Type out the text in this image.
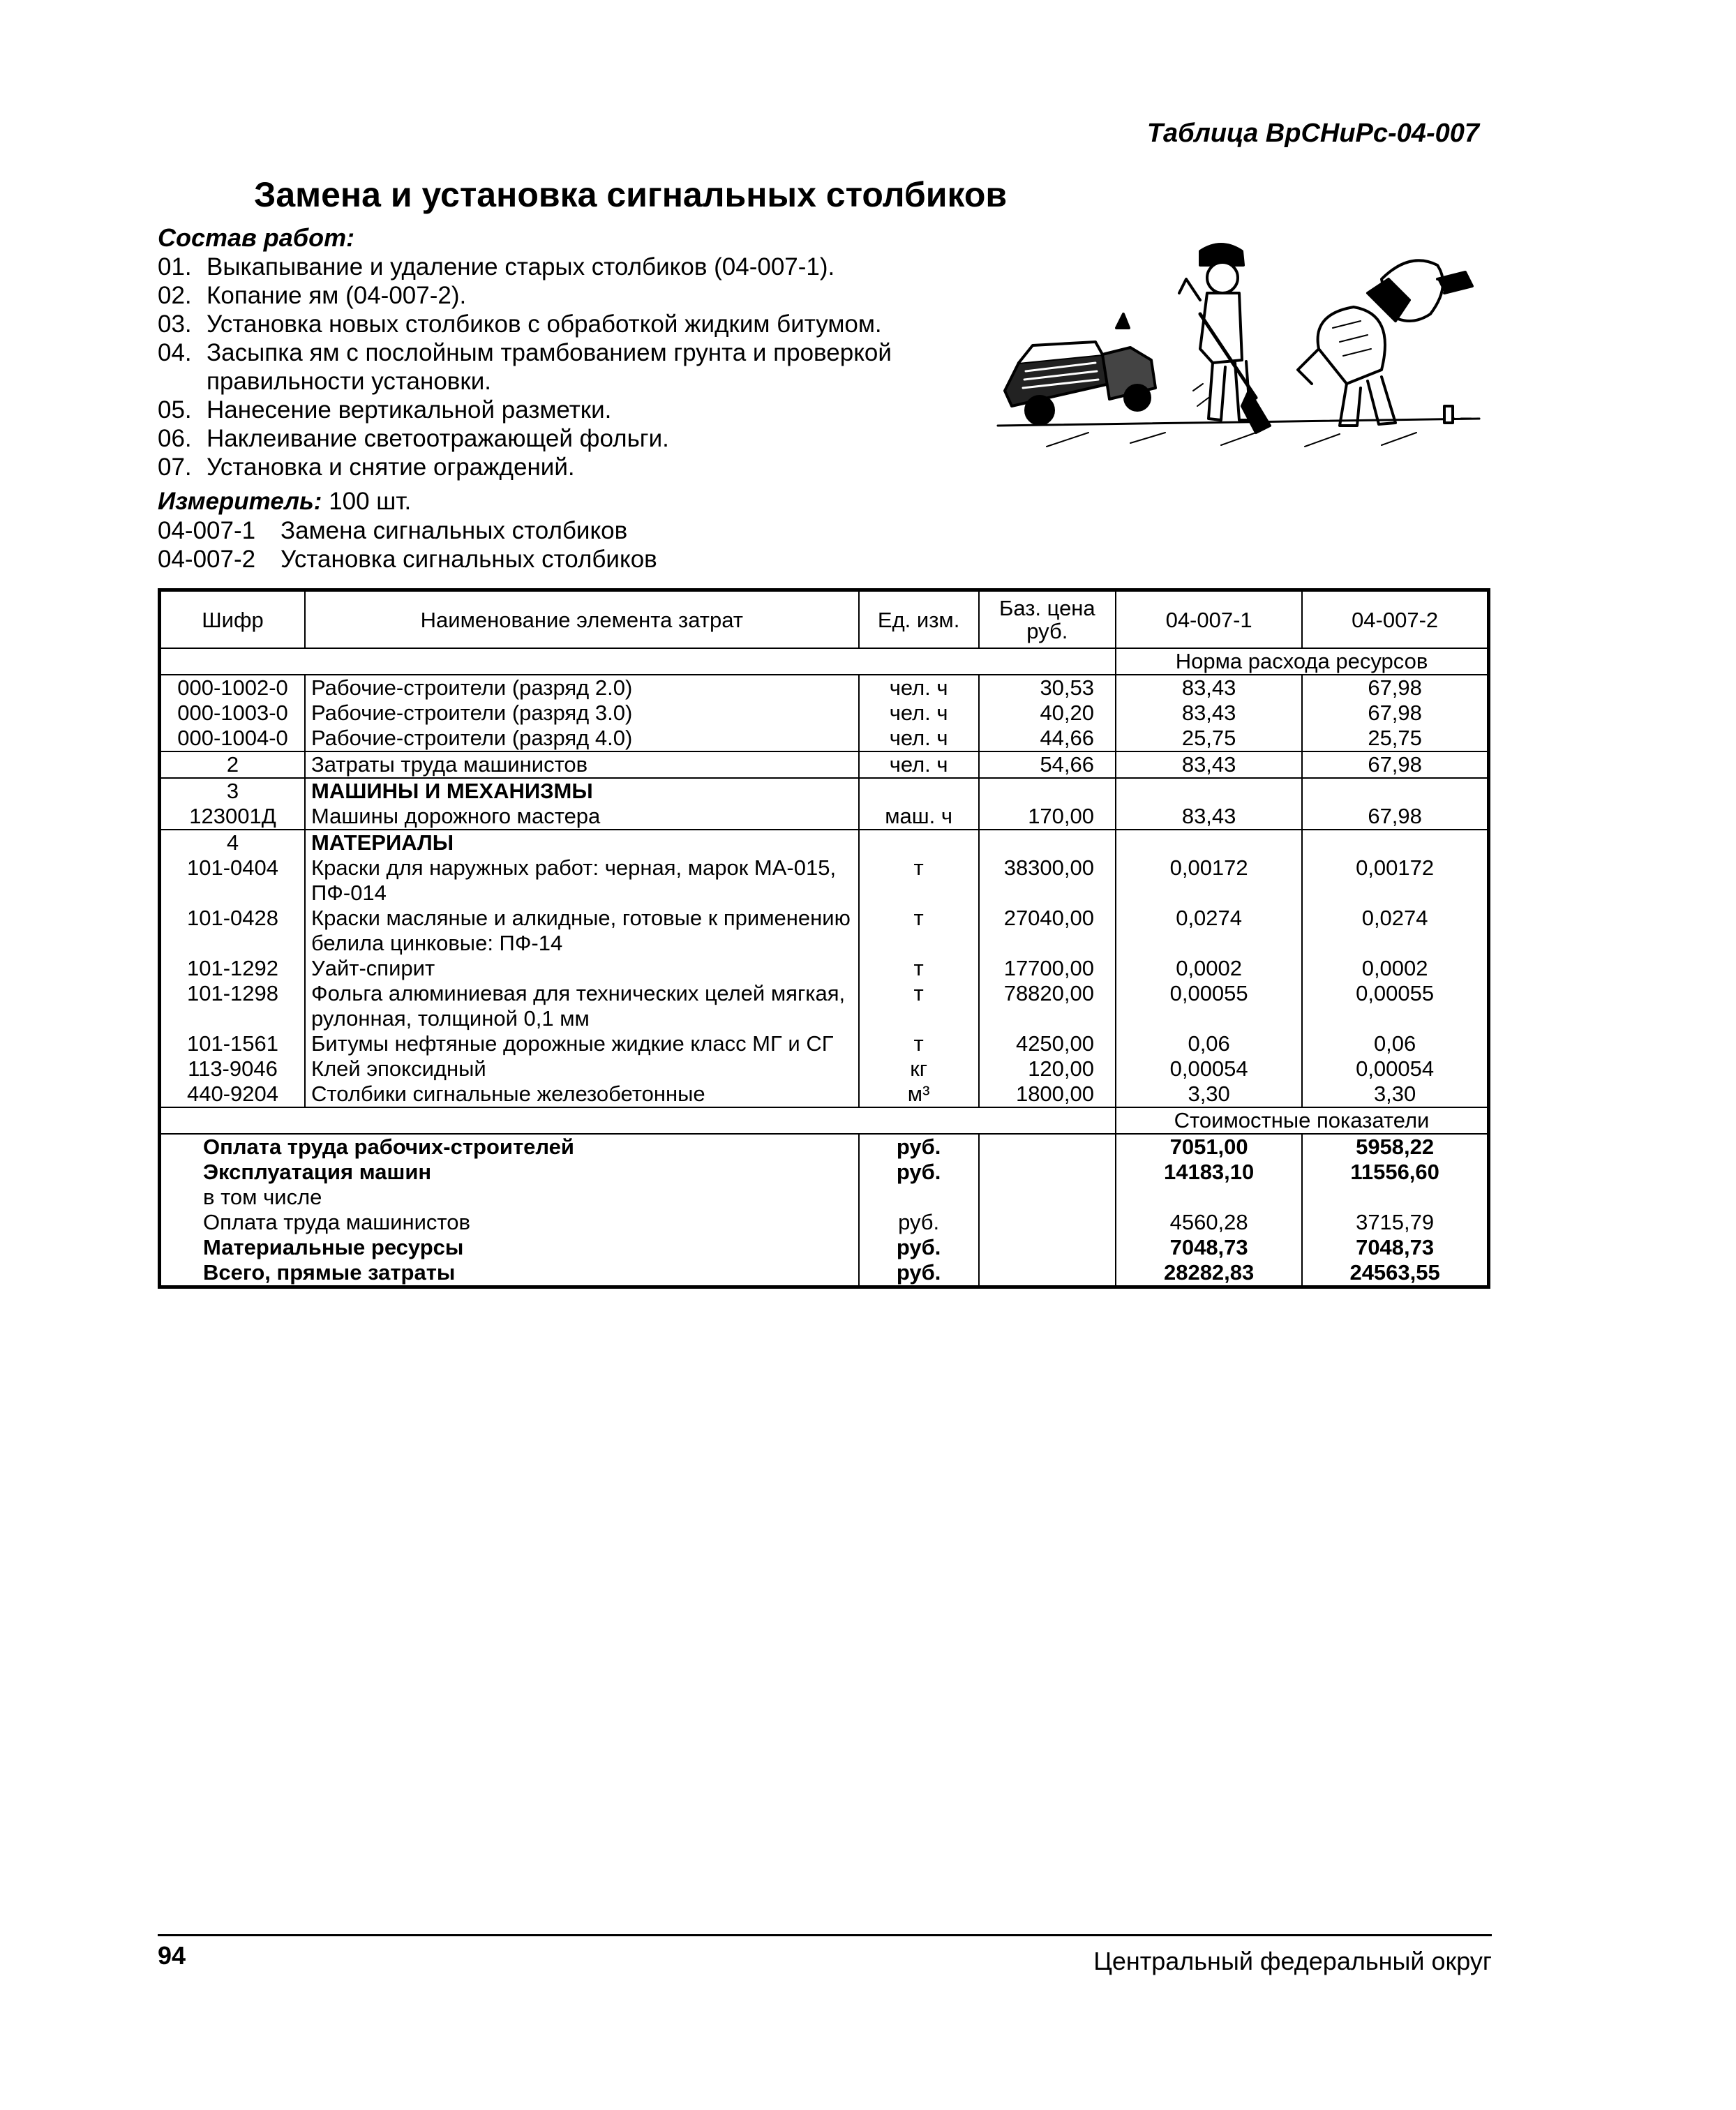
Таблица ВрСНиРс-04-007
Замена и установка сигнальных столбиков
Состав работ:
01. Выкапывание и удаление старых столбиков (04-007-1).
02. Копание ям (04-007-2).
03. Установка новых столбиков с обработкой жидким битумом.
04. Засыпка ям с послойным трамбованием грунта и проверкой правильности установки.
05. Нанесение вертикальной разметки.
06. Наклеивание светоотражающей фольги.
07. Установка и снятие ограждений.
Измеритель: 100 шт.
04-007-1 Замена сигнальных столбиков
04-007-2 Установка сигнальных столбиков
Шифр	Наименование элемента затрат	Ед. изм.	Баз. цена руб.	04-007-1	04-007-2
				Норма расхода ресурсов	
000-1002-0	Рабочие-строители (разряд 2.0)	чел. ч	30,53	83,43	67,98
000-1003-0	Рабочие-строители (разряд 3.0)	чел. ч	40,20	83,43	67,98
000-1004-0	Рабочие-строители (разряд 4.0)	чел. ч	44,66	25,75	25,75
2	Затраты труда машинистов	чел. ч	54,66	83,43	67,98
3	МАШИНЫ И МЕХАНИЗМЫ				
123001Д	Машины дорожного мастера	маш. ч	170,00	83,43	67,98
4	МАТЕРИАЛЫ				
101-0404	Краски для наружных работ: черная, марок МА-015, ПФ-014	т	38300,00	0,00172	0,00172
101-0428	Краски масляные и алкидные, готовые к применению белила цинковые: ПФ-14	т	27040,00	0,0274	0,0274
101-1292	Уайт-спирит	т	17700,00	0,0002	0,0002
101-1298	Фольга алюминиевая для технических целей мягкая, рулонная, толщиной 0,1 мм	т	78820,00	0,00055	0,00055
101-1561	Битумы нефтяные дорожные жидкие класс МГ и СГ	т	4250,00	0,06	0,06
113-9046	Клей эпоксидный	кг	120,00	0,00054	0,00054
440-9204	Столбики сигнальные железобетонные	м³	1800,00	3,30	3,30
				Стоимостные показатели	
Оплата труда рабочих-строителей		руб.		7051,00	5958,22
Эксплуатация машин		руб.		14183,10	11556,60
в том числе					
Оплата труда машинистов		руб.		4560,28	3715,79
Материальные ресурсы		руб.		7048,73	7048,73
Всего, прямые затраты		руб.		28282,83	24563,55
94	Центральный федеральный округ
